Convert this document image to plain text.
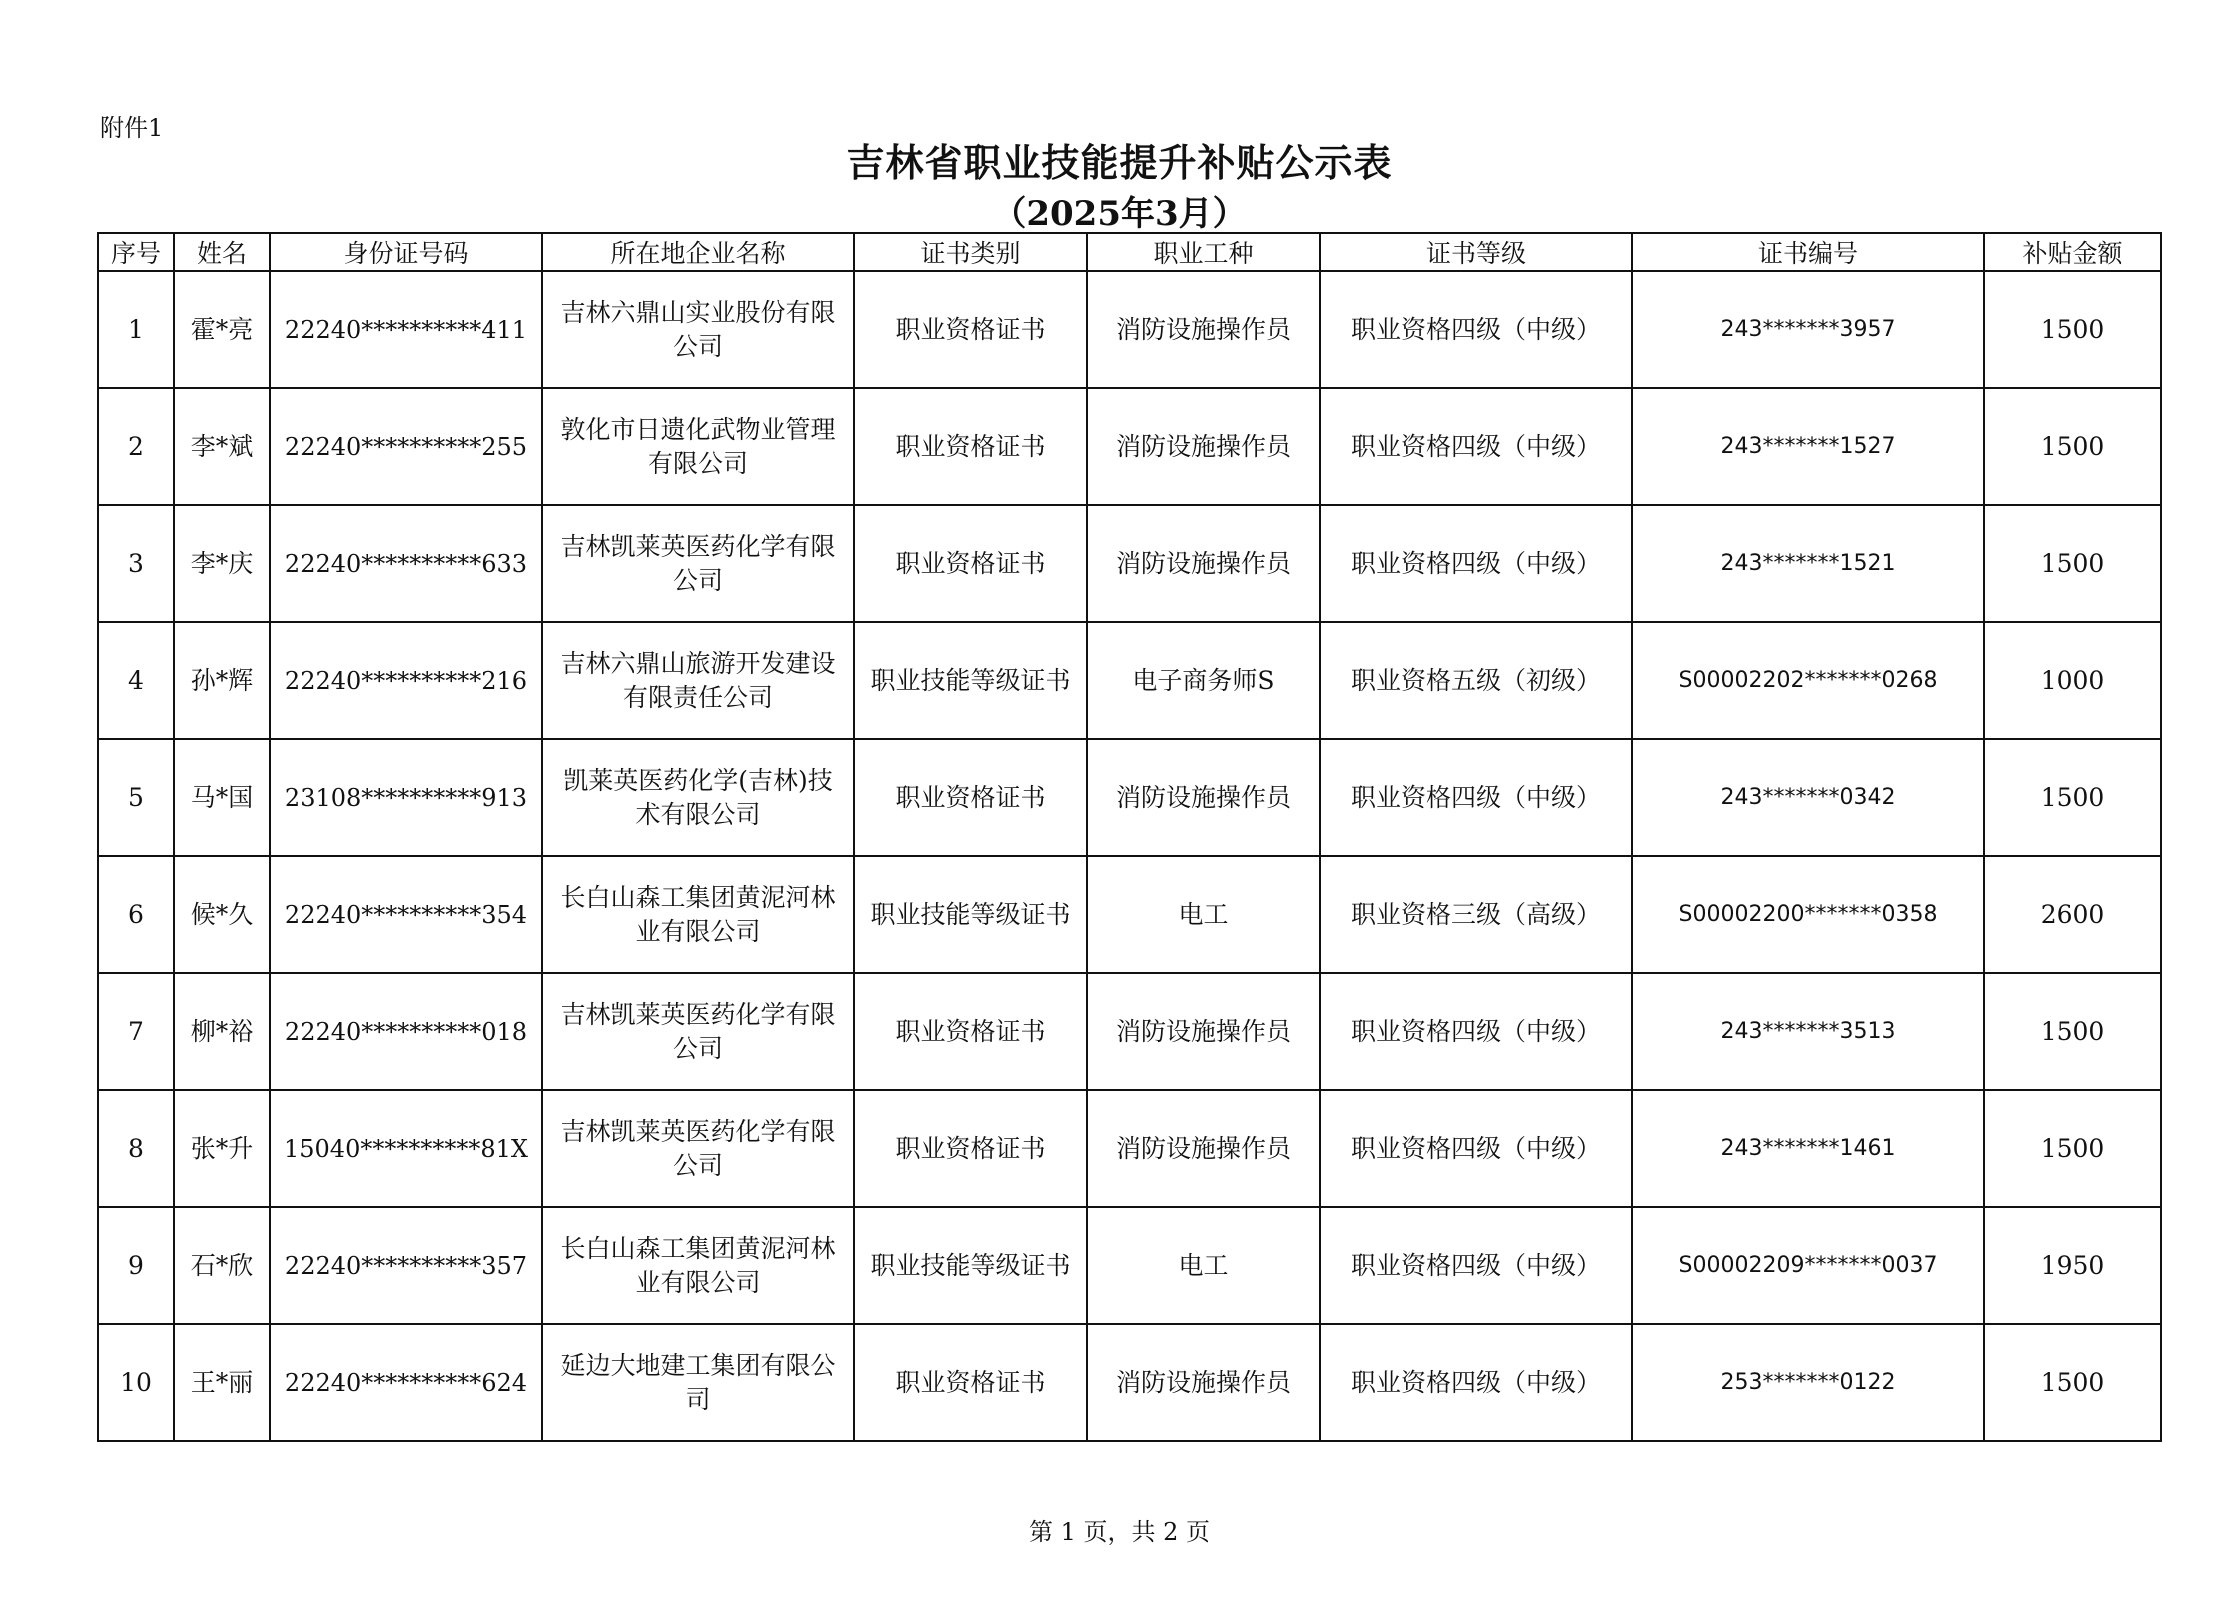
附件1
吉林省职业技能提升补贴公示表
（2025年3月）
序号	姓名	身份证号码	所在地企业名称	证书类别	职业工种	证书等级	证书编号	补贴金额
1	霍*亮	22240**********411	吉林六鼎山实业股份有限公司	职业资格证书	消防设施操作员	职业资格四级（中级）	243*******3957	1500
2	李*斌	22240**********255	敦化市日遗化武物业管理有限公司	职业资格证书	消防设施操作员	职业资格四级（中级）	243*******1527	1500
3	李*庆	22240**********633	吉林凯莱英医药化学有限公司	职业资格证书	消防设施操作员	职业资格四级（中级）	243*******1521	1500
4	孙*辉	22240**********216	吉林六鼎山旅游开发建设有限责任公司	职业技能等级证书	电子商务师S	职业资格五级（初级）	S00002202*******0268	1000
5	马*国	23108**********913	凯莱英医药化学(吉林)技术有限公司	职业资格证书	消防设施操作员	职业资格四级（中级）	243*******0342	1500
6	候*久	22240**********354	长白山森工集团黄泥河林业有限公司	职业技能等级证书	电工	职业资格三级（高级）	S00002200*******0358	2600
7	柳*裕	22240**********018	吉林凯莱英医药化学有限公司	职业资格证书	消防设施操作员	职业资格四级（中级）	243*******3513	1500
8	张*升	15040**********81X	吉林凯莱英医药化学有限公司	职业资格证书	消防设施操作员	职业资格四级（中级）	243*******1461	1500
9	石*欣	22240**********357	长白山森工集团黄泥河林业有限公司	职业技能等级证书	电工	职业资格四级（中级）	S00002209*******0037	1950
10	王*丽	22240**********624	延边大地建工集团有限公司	职业资格证书	消防设施操作员	职业资格四级（中级）	253*******0122	1500
第 1 页，共 2 页
